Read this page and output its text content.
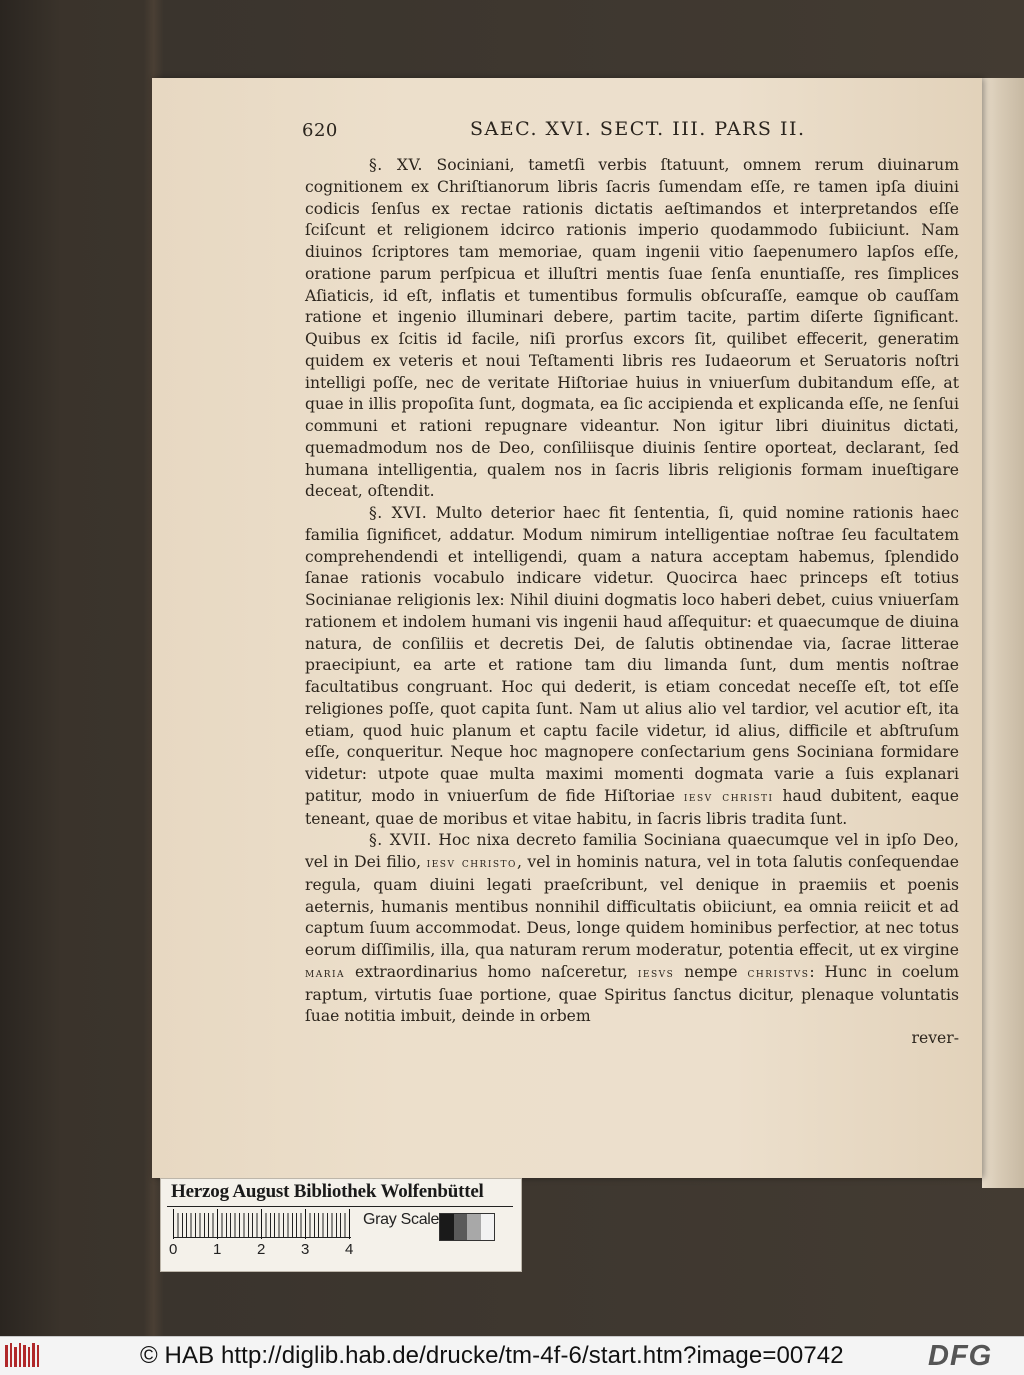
620	SAEC. XVI. SECT. III. PARS II.

§. XV. Sociniani, tametſi verbis ſtatuunt, omnem rerum diuinarum cognitionem ex Chriſtianorum libris ſacris ſumendam eſſe, re tamen ipſa diuini codicis ſenſus ex rectae rationis dictatis aeſtimandos et interpretandos eſſe ſciſcunt et religionem idcirco rationis imperio quodammodo ſubiiciunt. Nam diuinos ſcriptores tam memoriae, quam ingenii vitio ſaepenumero lapſos eſſe, oratione parum perſpicua et illuſtri mentis ſuae ſenſa enuntiaſſe, res ſimplices Aſiaticis, id eſt, inflatis et tumentibus formulis obſcuraſſe, eamque ob cauſſam ratione et ingenio illuminari debere, partim tacite, partim diſerte ſignificant. Quibus ex ſcitis id facile, niſi prorſus excors ſit, quilibet effecerit, generatim quidem ex veteris et noui Teſtamenti libris res Iudaeorum et Seruatoris noſtri intelligi poſſe, nec de veritate Hiſtoriae huius in vniuerſum dubitandum eſſe, at quae in illis propoſita ſunt, dogmata, ea ſic accipienda et explicanda eſſe, ne ſenſui communi et rationi repugnare videantur. Non igitur libri diuinitus dictati, quemadmodum nos de Deo, conſiliisque diuinis ſentire oporteat, declarant, ſed humana intelligentia, qualem nos in ſacris libris religionis formam inueſtigare deceat, oſtendit.

§. XVI. Multo deterior haec fit ſententia, ſi, quid nomine rationis haec familia ſignificet, addatur. Modum nimirum intelligentiae noſtrae ſeu facultatem comprehendendi et intelligendi, quam a natura acceptam habemus, ſplendido ſanae rationis vocabulo indicare videtur. Quocirca haec princeps eſt totius Socinianae religionis lex: Nihil diuini dogmatis loco haberi debet, cuius vniuerſam rationem et indolem humani vis ingenii haud aſſequitur: et quaecumque de diuina natura, de conſiliis et decretis Dei, de ſalutis obtinendae via, ſacrae litterae praecipiunt, ea arte et ratione tam diu limanda ſunt, dum mentis noſtrae facultatibus congruant. Hoc qui dederit, is etiam concedat neceſſe eſt, tot eſſe religiones poſſe, quot capita ſunt. Nam ut alius alio vel tardior, vel acutior eſt, ita etiam, quod huic planum et captu facile videtur, id alius, difficile et abſtruſum eſſe, conqueritur. Neque hoc magnopere conſectarium gens Sociniana formidare videtur: utpote quae multa maximi momenti dogmata varie a ſuis explanari patitur, modo in vniuerſum de fide Hiſtoriae iesv christi haud dubitent, eaque teneant, quae de moribus et vitae habitu, in ſacris libris tradita ſunt.

§. XVII. Hoc nixa decreto familia Sociniana quaecumque vel in ipſo Deo, vel in Dei filio, iesv christo, vel in hominis natura, vel in tota ſalutis conſequendae regula, quam diuini legati praeſcribunt, vel denique in praemiis et poenis aeternis, humanis mentibus nonnihil difficultatis obiiciunt, ea omnia reiicit et ad captum ſuum accommodat. Deus, longe quidem hominibus perfectior, at nec totus eorum diſſimilis, illa, qua naturam rerum moderatur, potentia effecit, ut ex virgine maria extraordinarius homo naſceretur, iesvs nempe christvs: Hunc in coelum raptum, virtutis ſuae portione, quae Spiritus ſanctus dicitur, plenaque voluntatis ſuae notitia imbuit, deinde in orbem

rever-

Herzog August Bibliothek Wolfenbüttel
0 1 2 3 4
Gray Scale
© HAB http://diglib.hab.de/drucke/tm-4f-6/start.htm?image=00742	DFG
